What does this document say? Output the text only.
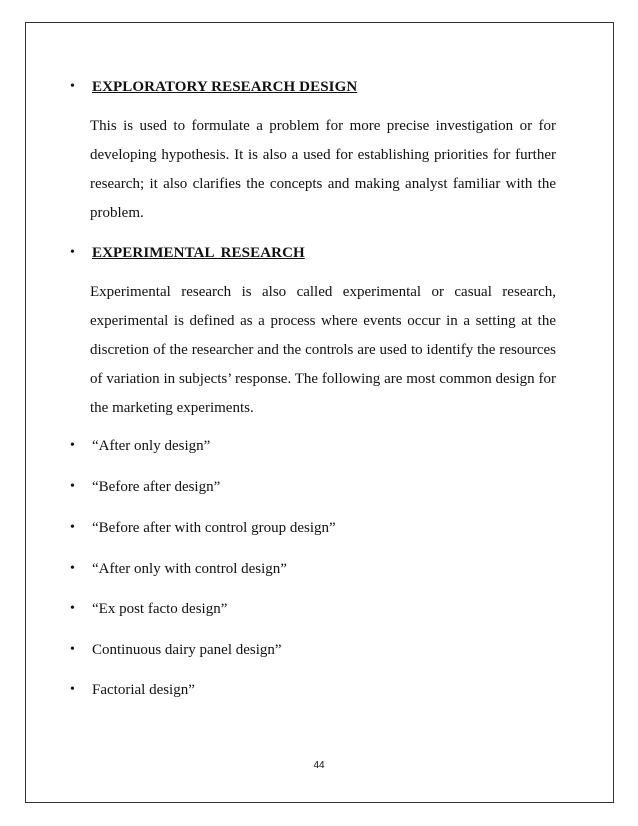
• EXPLORATORY RESEARCH DESIGN
This is used to formulate a problem for more precise investigation or for developing hypothesis. It is also a used for establishing priorities for further research; it also clarifies the concepts and making analyst familiar with the problem.
• EXPERIMENTAL RESEARCH
Experimental research is also called experimental or casual research, experimental is defined as a process where events occur in a setting at the discretion of the researcher and the controls are used to identify the resources of variation in subjects’ response. The following are most common design for the marketing experiments.
• “After only design”
• “Before after design”
• “Before after with control group design”
• “After only with control design”
• “Ex post facto design”
• Continuous dairy panel design”
• Factorial design”
44
